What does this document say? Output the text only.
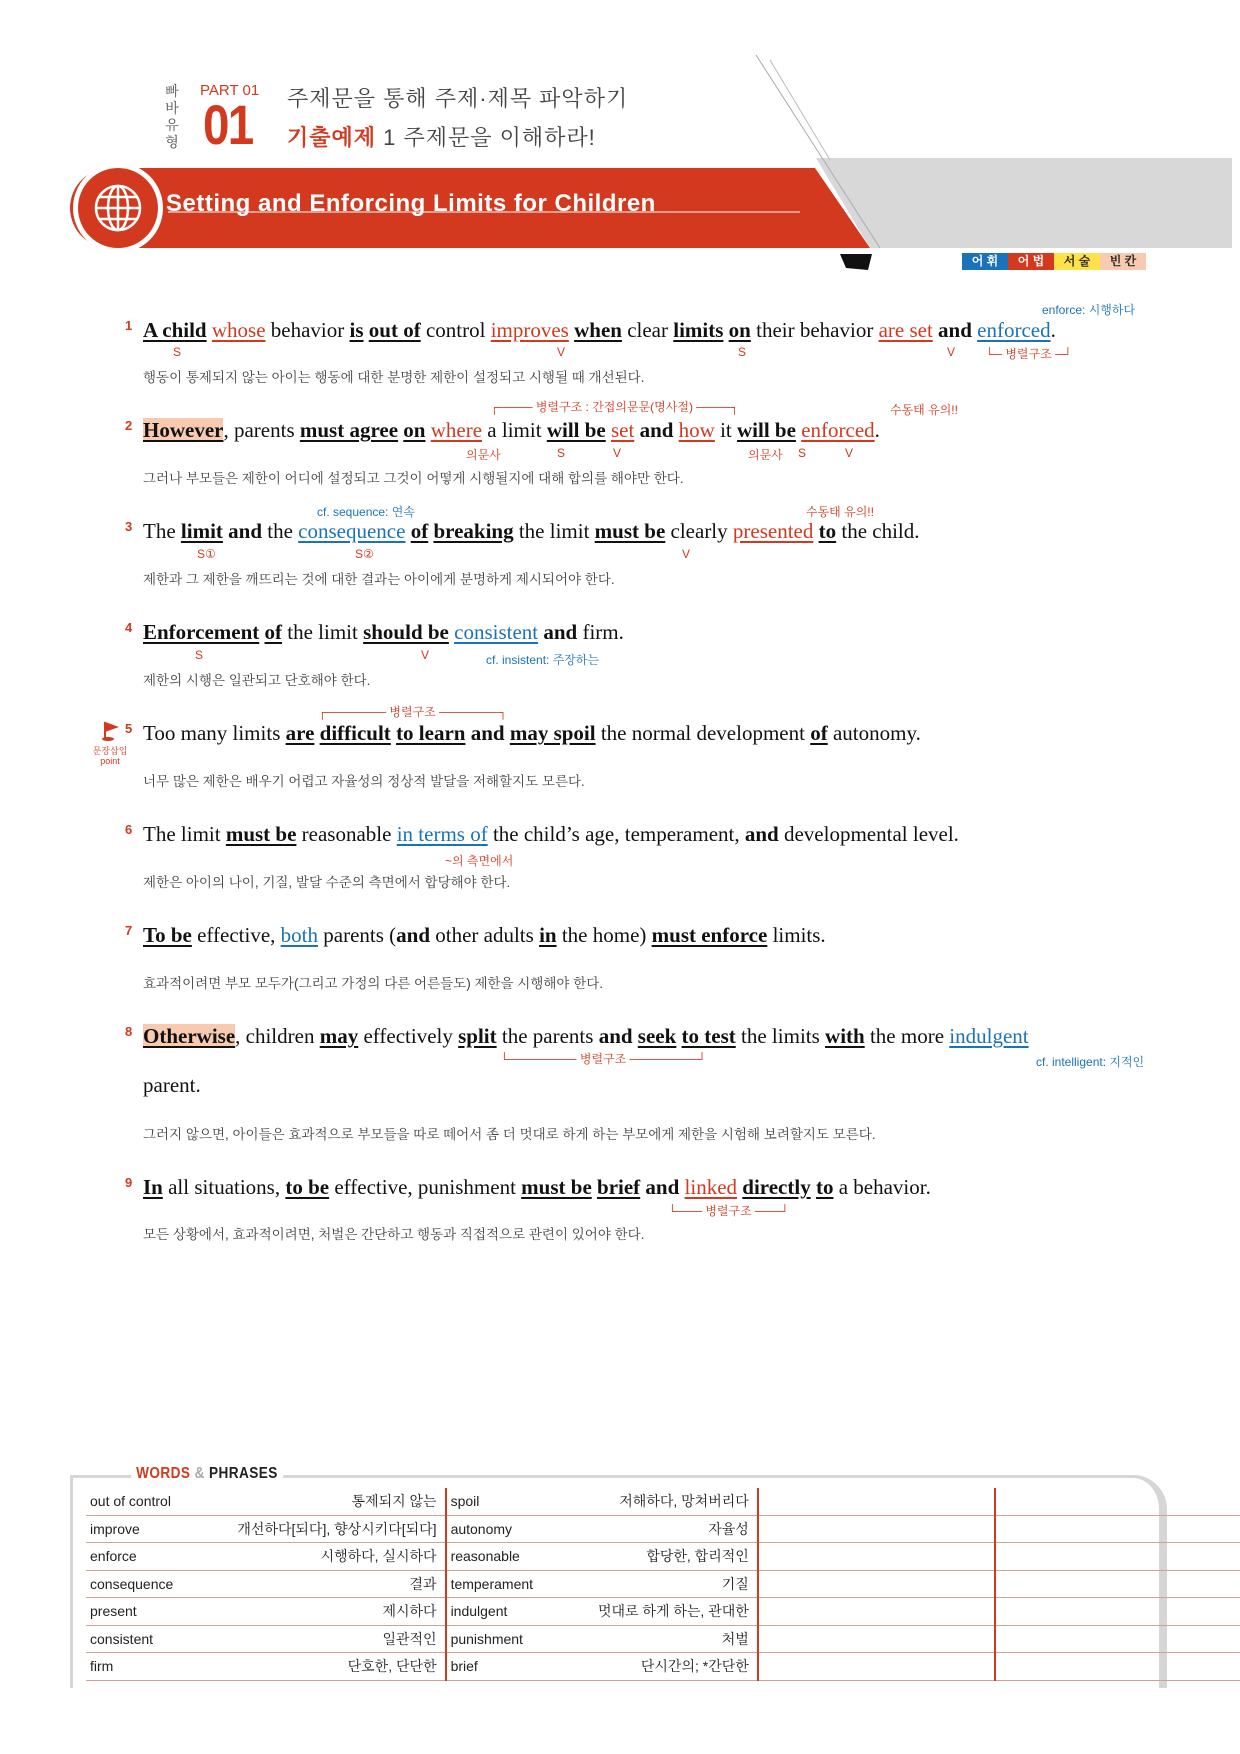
빠
바
유
형
PART 01
01 주제문을 통해 주제·제목 파악하기
기출예제 1 주제문을 이해하라!
Setting and Enforcing Limits for Children
어 휘	어 법	서 술	빈 칸
enforce: 시행하다
1 A child whose behavior is out of control improves when clear limits on their behavior are set and enforced.
S	V	S	V └─ 병렬구조 ─┘
행동이 통제되지 않는 아이는 행동에 대한 분명한 제한이 설정되고 시행될 때 개선된다.
┌──── 병렬구조 : 간접의문문(명사절) ────┐	수동태 유의!!
2 However, parents must agree on where a limit will be set and how it will be enforced.
의문사	S	V	의문사 S	V
그러나 부모들은 제한이 어디에 설정되고 그것이 어떻게 시행될지에 대해 합의를 해야만 한다.
cf. sequence: 연속	수동태 유의!!
3 The limit and the consequence of breaking the limit must be clearly presented to the child.
S①	S②	V
제한과 그 제한을 깨뜨리는 것에 대한 결과는 아이에게 분명하게 제시되어야 한다.
4 Enforcement of the limit should be consistent and firm.
S	V	cf. insistent: 주장하는
제한의 시행은 일관되고 단호해야 한다.
┌─────── 병렬구조 ───────┐
문장삽입
point
5 Too many limits are difficult to learn and may spoil the normal development of autonomy.
너무 많은 제한은 배우기 어렵고 자율성의 정상적 발달을 저해할지도 모른다.
6 The limit must be reasonable in terms of the child’s age, temperament, and developmental level.
~의 측면에서
제한은 아이의 나이, 기질, 발달 수준의 측면에서 합당해야 한다.
7 To be effective, both parents (and other adults in the home) must enforce limits.
효과적이려면 부모 모두가(그리고 가정의 다른 어른들도) 제한을 시행해야 한다.
8 Otherwise, children may effectively split the parents and seek to test the limits with the more indulgent
└──────── 병렬구조 ────────┘	cf. intelligent: 지적인
parent.
그러지 않으면, 아이들은 효과적으로 부모들을 따로 떼어서 좀 더 멋대로 하게 하는 부모에게 제한을 시험해 보려할지도 모른다.
9 In all situations, to be effective, punishment must be brief and linked directly to a behavior.
└─── 병렬구조 ───┘
모든 상황에서, 효과적이려면, 처벌은 간단하고 행동과 직접적으로 관련이 있어야 한다.
WORDS & PHRASES
out of control	통제되지 않는	spoil	저해하다, 망쳐버리다		
improve	개선하다[되다], 향상시키다[되다]	autonomy	자율성		
enforce	시행하다, 실시하다	reasonable	합당한, 합리적인		
consequence	결과	temperament	기질		
present	제시하다	indulgent	멋대로 하게 하는, 관대한		
consistent	일관적인	punishment	처벌		
firm	단호한, 단단한	brief	단시간의; *간단한		
